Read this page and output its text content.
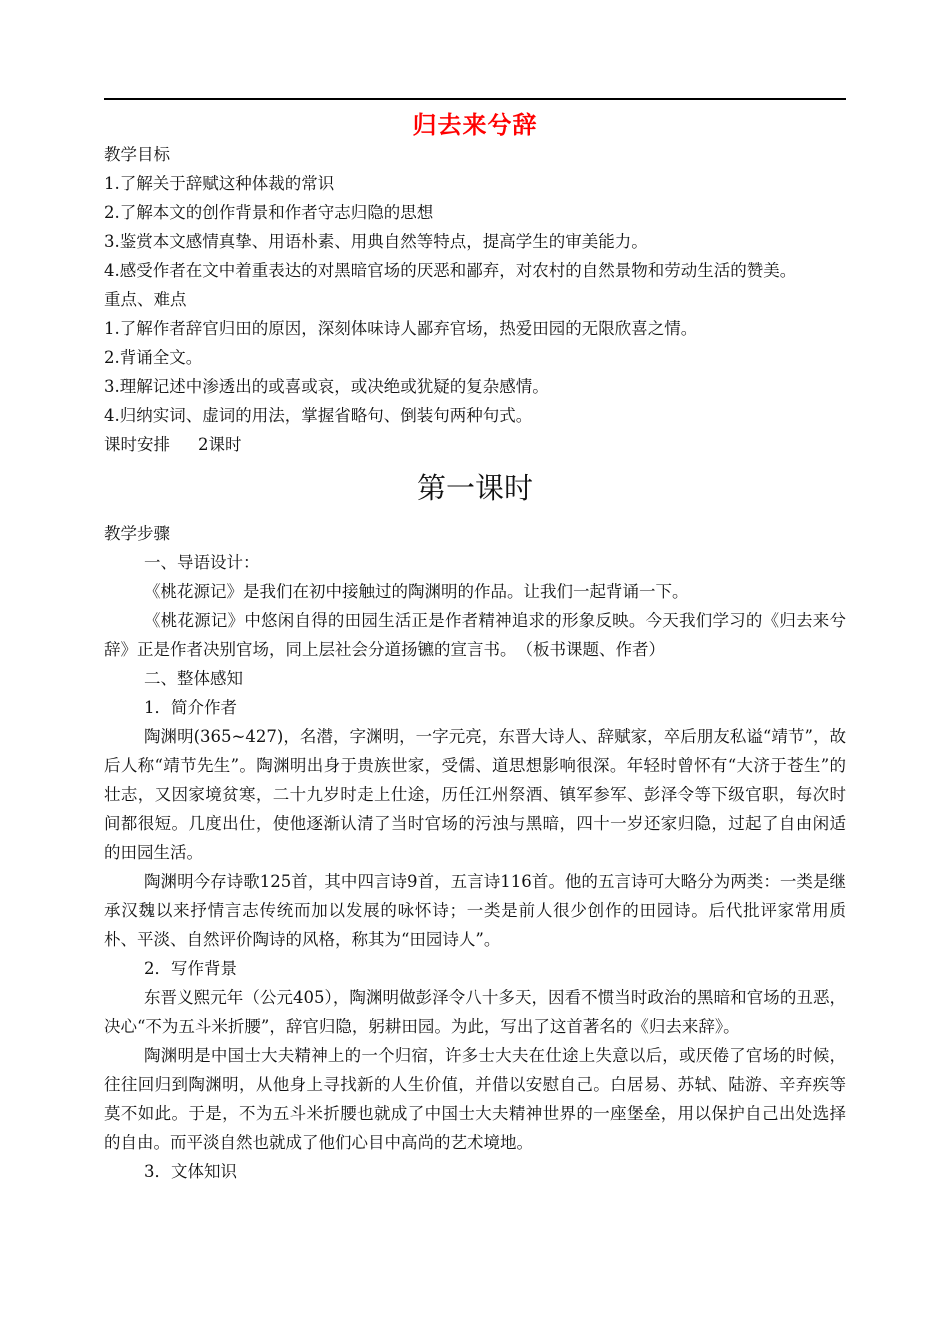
归去来兮辞

教学目标

1.了解关于辞赋这种体裁的常识

2.了解本文的创作背景和作者守志归隐的思想

3.鉴赏本文感情真挚、用语朴素、用典自然等特点，提高学生的审美能力。

4.感受作者在文中着重表达的对黑暗官场的厌恶和鄙弃，对农村的自然景物和劳动生活的赞美。

重点、难点

1.了解作者辞官归田的原因，深刻体味诗人鄙弃官场，热爱田园的无限欣喜之情。

2.背诵全文。

3.理解记述中渗透出的或喜或哀，或决绝或犹疑的复杂感情。

4.归纳实词、虚词的用法，掌握省略句、倒装句两种句式。

课时安排 2课时

第一课时

教学步骤

一、导语设计：

《桃花源记》是我们在初中接触过的陶渊明的作品。让我们一起背诵一下。

《桃花源记》中悠闲自得的田园生活正是作者精神追求的形象反映。今天我们学习的《归去来兮辞》正是作者决别官场，同上层社会分道扬镳的宣言书。　（板书课题、作者）

二、整体感知

1．简介作者

陶渊明(365~427)，名潜，字渊明，一字元亮，东晋大诗人、辞赋家，卒后朋友私谥“靖节”，故后人称“靖节先生”。陶渊明出身于贵族世家，受儒、道思想影响很深。年轻时曾怀有“大济于苍生”的壮志，又因家境贫寒，二十九岁时走上仕途，历任江州祭酒、镇军参军、彭泽令等下级官职，每次时间都很短。几度出仕，使他逐渐认清了当时官场的污浊与黑暗，四十一岁还家归隐，过起了自由闲适的田园生活。

陶渊明今存诗歌125首，其中四言诗9首，五言诗116首。他的五言诗可大略分为两类：一类是继承汉魏以来抒情言志传统而加以发展的咏怀诗；一类是前人很少创作的田园诗。后代批评家常用质朴、平淡、自然评价陶诗的风格，称其为“田园诗人”。

2．写作背景

东晋义熙元年（公元405），陶渊明做彭泽令八十多天，因看不惯当时政治的黑暗和官场的丑恶，决心“不为五斗米折腰”，辞官归隐，躬耕田园。为此，写出了这首著名的《归去来辞》。

陶渊明是中国士大夫精神上的一个归宿，许多士大夫在仕途上失意以后，或厌倦了官场的时候，往往回归到陶渊明，从他身上寻找新的人生价值，并借以安慰自己。白居易、苏轼、陆游、辛弃疾等莫不如此。于是，不为五斗米折腰也就成了中国士大夫精神世界的一座堡垒，用以保护自己出处选择的自由。而平淡自然也就成了他们心目中高尚的艺术境地。

3．文体知识
